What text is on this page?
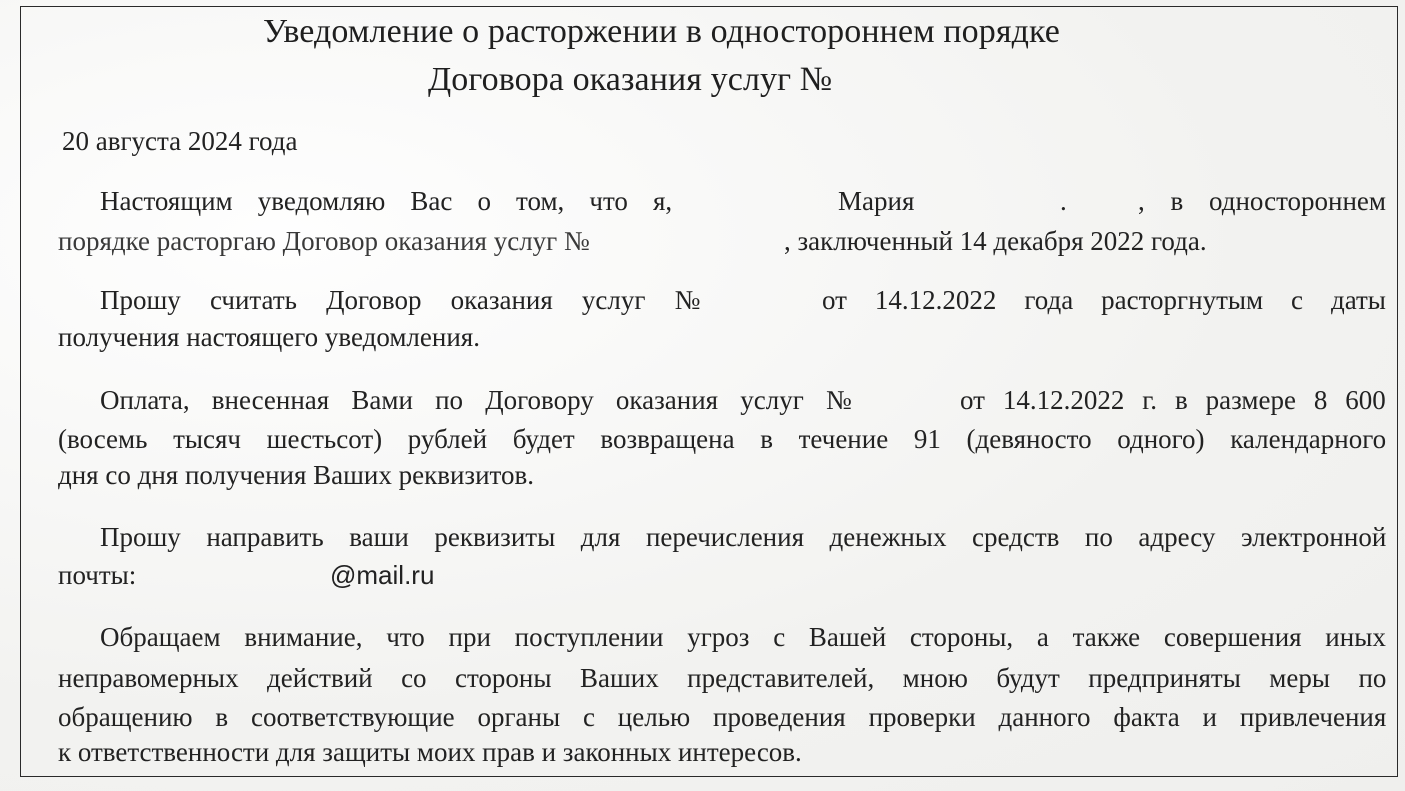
Уведомление о расторжении в одностороннем порядке
Договора оказания услуг №
20 августа 2024 года
Настоящим уведомляю Вас о том, что я,	Мария	.	, в одностороннем
порядке расторгаю Договор оказания услуг №	, заключенный 14 декабря 2022 года.
Прошу считать Договор оказания услуг №	от 14.12.2022 года расторгнутым с даты
получения настоящего уведомления.
Оплата, внесенная Вами по Договору оказания услуг №	от 14.12.2022 г. в размере 8 600
(восемь тысяч шестьсот) рублей будет возвращена в течение 91 (девяносто одного) календарного
дня со дня получения Ваших реквизитов.
Прошу направить ваши реквизиты для перечисления денежных средств по адресу электронной
почты:	@mail.ru
Обращаем внимание, что при поступлении угроз с Вашей стороны, а также совершения иных
неправомерных действий со стороны Ваших представителей, мною будут предприняты меры по
обращению в соответствующие органы с целью проведения проверки данного факта и привлечения
к ответственности для защиты моих прав и законных интересов.
